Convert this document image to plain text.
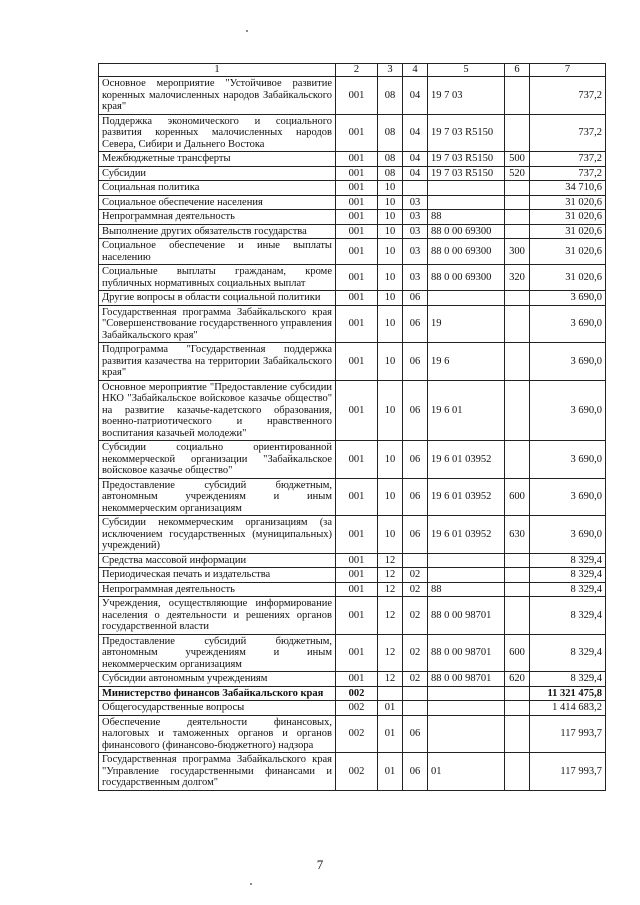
1	2	3	4	5	6	7
Основное мероприятие "Устойчивое развитие коренных малочисленных народов Забайкальского края"	001	08	04	19 7 03		737,2
Поддержка экономического и социального развития коренных малочисленных народов Севера, Сибири и Дальнего Востока	001	08	04	19 7 03 R5150		737,2
Межбюджетные трансферты	001	08	04	19 7 03 R5150	500	737,2
Субсидии	001	08	04	19 7 03 R5150	520	737,2
Социальная политика	001	10				34 710,6
Социальное обеспечение населения	001	10	03			31 020,6
Непрограммная деятельность	001	10	03	88		31 020,6
Выполнение других обязательств государства	001	10	03	88 0 00 69300		31 020,6
Социальное обеспечение и иные выплаты населению	001	10	03	88 0 00 69300	300	31 020,6
Социальные выплаты гражданам, кроме публичных нормативных социальных выплат	001	10	03	88 0 00 69300	320	31 020,6
Другие вопросы в области социальной политики	001	10	06			3 690,0
Государственная программа Забайкальского края "Совершенствование государственного управления Забайкальского края"	001	10	06	19		3 690,0
Подпрограмма "Государственная поддержка развития казачества на территории Забайкальского края"	001	10	06	19 6		3 690,0
Основное мероприятие "Предоставление субсидии НКО "Забайкальское войсковое казачье общество" на развитие казачье-кадетского образования, военно-патриотического и нравственного воспитания казачьей молодежи"	001	10	06	19 6 01		3 690,0
Субсидии социально ориентированной некоммерческой организации "Забайкальское войсковое казачье общество"	001	10	06	19 6 01 03952		3 690,0
Предоставление субсидий бюджетным, автономным учреждениям и иным некоммерческим организациям	001	10	06	19 6 01 03952	600	3 690,0
Субсидии некоммерческим организациям (за исключением государственных (муниципальных) учреждений)	001	10	06	19 6 01 03952	630	3 690,0
Средства массовой информации	001	12				8 329,4
Периодическая печать и издательства	001	12	02			8 329,4
Непрограммная деятельность	001	12	02	88		8 329,4
Учреждения, осуществляющие информирование населения о деятельности и решениях органов государственной власти	001	12	02	88 0 00 98701		8 329,4
Предоставление субсидий бюджетным, автономным учреждениям и иным некоммерческим организациям	001	12	02	88 0 00 98701	600	8 329,4
Субсидии автономным учреждениям	001	12	02	88 0 00 98701	620	8 329,4
Министерство финансов Забайкальского края	002					11 321 475,8
Общегосударственные вопросы	002	01				1 414 683,2
Обеспечение деятельности финансовых, налоговых и таможенных органов и органов финансового (финансово-бюджетного) надзора	002	01	06			117 993,7
Государственная программа Забайкальского края "Управление государственными финансами и государственным долгом"	002	01	06	01		117 993,7
7
